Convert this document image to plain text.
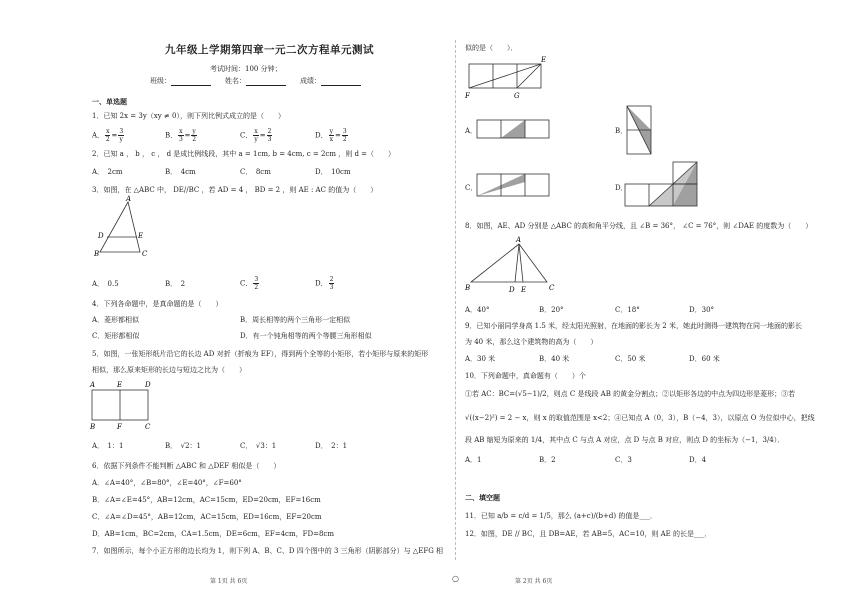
九年级上学期第四章一元二次方程单元测试
考试时间：100 分钟；
班级：	姓名：	成绩：
一、单选题
1．已知 2x = 3y（xy ≠ 0），则下列比例式成立的是（　　）
A． $\frac{x}{2} = \frac{3}{y}$	B． $\frac{x}{3} = \frac{y}{2}$	C． $\frac{x}{y} = \frac{2}{3}$	D． $\frac{y}{x} = \frac{3}{2}$
2．已知 a ， b ， c ， d 是成比例线段，其中 a = 1cm, b = 4cm, c = 2cm ，则 d =（　　）
A．　2cm	B．　4cm	C．　8cm	D．　10cm
3．如图，在 △ABC 中， DE//BC ，若 AD = 4 ， BD = 2 ，则 AE : AC 的值为（　　）
A
D	E
B	C
A．　0.5	B．　2	C． $\frac{3}{2}$	D． $\frac{2}{3}$
4．下列各命题中，是真命题的是（　　）
A．菱形都相似	B．周长相等的两个三角形一定相似
C．矩形都相似	D．有一个钝角相等的两个等腰三角形相似
5．如图，一张矩形纸片沿它的长边 AD 对折（折痕为 EF），得到两个全等的小矩形，若小矩形与原来的矩形
相似，那么原来矩形的长边与短边之比为（　　）
A	E	D
B	F	C
A．　1：1	B．　√2：1	C．　√3：1	D．　2：1
6．依据下列条件不能判断 △ABC 和 △DEF 相似是（　　）
A．∠A=40°，∠B=80°，∠E=40°，∠F=60°
B．∠A=∠E=45°，AB=12cm，AC=15cm，ED=20cm，EF=16cm
C．∠A=∠D=45°，AB=12cm，AC=15cm，ED=16cm，EF=20cm
D．AB=1cm，BC=2cm，CA=1.5cm，DE=6cm，EF=4cm，FD=8cm
7．如图所示，每个小正方形的边长均为 1，则下列 A、B、C、D 四个图中的 3 三角形（阴影部分）与 △EFG 相
第 1页 共 6页	○
似的是（　　）．
E
F	G
A．	B．
C．	D．
8．如图，AE、AD 分别是 △ABC 的高和角平分线，且 ∠B = 36°， ∠C = 76°，则 ∠DAE 的度数为（　　）
A
B	D E	C
A．40°	B．20°	C．18°	D．30°
9．已知小丽同学身高 1.5 米，经太阳光照射，在地面的影长为 2 米，她此时测得一建筑物在同一地面的影长
为 40 米，那么这个建筑物的高为（　　）
A．30 米	B．40 米	C．50 米	D．60 米
10．下列命题中，真命题有（　　）个
①若 AC：BC=(√5−1)/2，则点 C 是线段 AB 的黄金分割点；②以矩形各边的中点为四边形是菱形；③若
√((x−2)²) = 2 − x，则 x 的取值范围是 x<2；④已知点 A（0，3），B（−4，3），以原点 O 为位似中心，把线
段 AB 缩短为原来的 1/4，其中点 C 与点 A 对应，点 D 与点 B 对应，则点 D 的坐标为（−1，3/4）．
A．1	B．2	C．3	D．4
二、填空题
11．已知 a/b = c/d = 1/5，那么 (a+c)/(b+d) 的值是___．
12．如图，DE // BC，且 DB=AE，若 AB=5，AC=10，则 AE 的长是___．
第 2页 共 6页
